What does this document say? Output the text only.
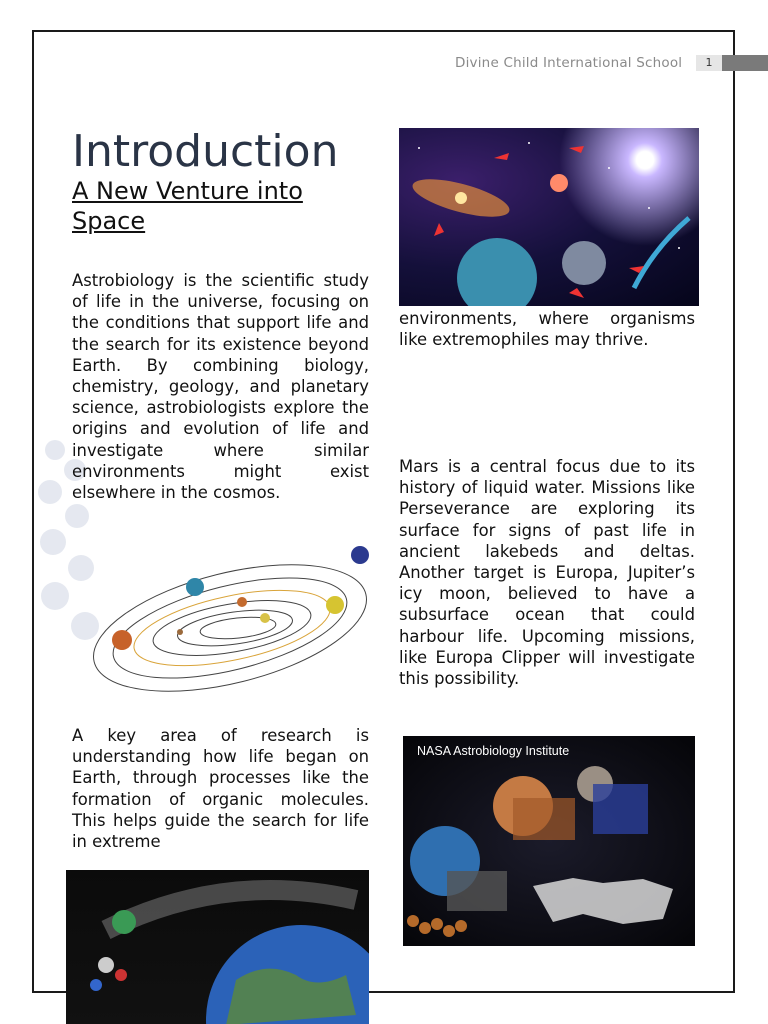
Divine Child International School	1
Introduction
A New Venture into Space

Astrobiology is the scientific study of life in the universe, focusing on the conditions that support life and the search for its existence beyond Earth. By combining biology, chemistry, geology, and planetary science, astrobiologists explore the origins and evolution of life and investigate where similar environments might exist elsewhere in the cosmos.

A key area of research is understanding how life began on Earth, through processes like the formation of organic molecules. This helps guide the search for life in extreme

environments, where organisms like extremophiles may thrive.

Mars is a central focus due to its history of liquid water. Missions like Perseverance are exploring its surface for signs of past life in ancient lakebeds and deltas. Another target is Europa, Jupiter’s icy moon, believed to have a subsurface ocean that could harbour life. Upcoming missions, like Europa Clipper will investigate this possibility.

NASA Astrobiology Institute
